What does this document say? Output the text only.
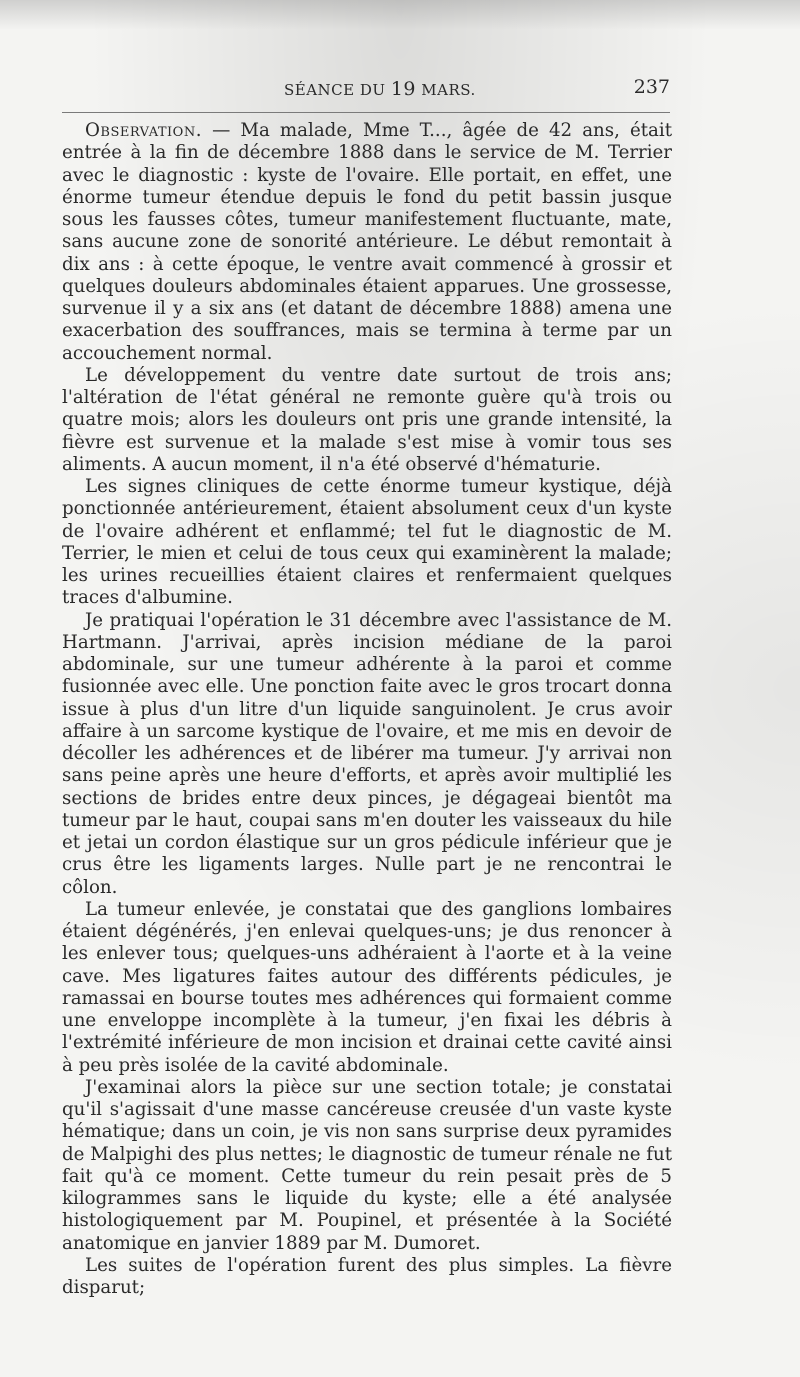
SÉANCE DU 19 MARS.	237

Observation. — Ma malade, Mme T..., âgée de 42 ans, était entrée à la fin de décembre 1888 dans le service de M. Terrier avec le diagnostic : kyste de l'ovaire. Elle portait, en effet, une énorme tumeur étendue depuis le fond du petit bassin jusque sous les fausses côtes, tumeur manifestement fluctuante, mate, sans aucune zone de sonorité antérieure. Le début remontait à dix ans : à cette époque, le ventre avait commencé à grossir et quelques douleurs abdominales étaient apparues. Une grossesse, survenue il y a six ans (et datant de décembre 1888) amena une exacerbation des souffrances, mais se termina à terme par un accouchement normal.

Le développement du ventre date surtout de trois ans; l'altération de l'état général ne remonte guère qu'à trois ou quatre mois; alors les douleurs ont pris une grande intensité, la fièvre est survenue et la malade s'est mise à vomir tous ses aliments. A aucun moment, il n'a été observé d'hématurie.

Les signes cliniques de cette énorme tumeur kystique, déjà ponctionnée antérieurement, étaient absolument ceux d'un kyste de l'ovaire adhérent et enflammé; tel fut le diagnostic de M. Terrier, le mien et celui de tous ceux qui examinèrent la malade; les urines recueillies étaient claires et renfermaient quelques traces d'albumine.

Je pratiquai l'opération le 31 décembre avec l'assistance de M. Hartmann. J'arrivai, après incision médiane de la paroi abdominale, sur une tumeur adhérente à la paroi et comme fusionnée avec elle. Une ponction faite avec le gros trocart donna issue à plus d'un litre d'un liquide sanguinolent. Je crus avoir affaire à un sarcome kystique de l'ovaire, et me mis en devoir de décoller les adhérences et de libérer ma tumeur. J'y arrivai non sans peine après une heure d'efforts, et après avoir multiplié les sections de brides entre deux pinces, je dégageai bientôt ma tumeur par le haut, coupai sans m'en douter les vaisseaux du hile et jetai un cordon élastique sur un gros pédicule inférieur que je crus être les ligaments larges. Nulle part je ne rencontrai le côlon.

La tumeur enlevée, je constatai que des ganglions lombaires étaient dégénérés, j'en enlevai quelques-uns; je dus renoncer à les enlever tous; quelques-uns adhéraient à l'aorte et à la veine cave. Mes ligatures faites autour des différents pédicules, je ramassai en bourse toutes mes adhérences qui formaient comme une enveloppe incomplète à la tumeur, j'en fixai les débris à l'extrémité inférieure de mon incision et drainai cette cavité ainsi à peu près isolée de la cavité abdominale.

J'examinai alors la pièce sur une section totale; je constatai qu'il s'agissait d'une masse cancéreuse creusée d'un vaste kyste hématique; dans un coin, je vis non sans surprise deux pyramides de Malpighi des plus nettes; le diagnostic de tumeur rénale ne fut fait qu'à ce moment. Cette tumeur du rein pesait près de 5 kilogrammes sans le liquide du kyste; elle a été analysée histologiquement par M. Poupinel, et présentée à la Société anatomique en janvier 1889 par M. Dumoret.

Les suites de l'opération furent des plus simples. La fièvre disparut;
